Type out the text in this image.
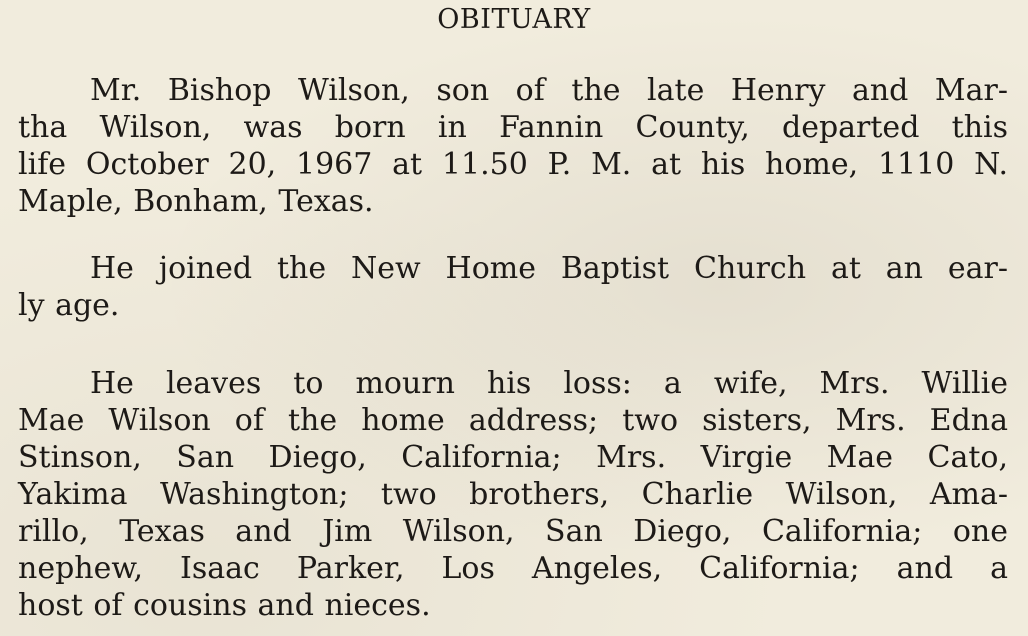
OBITUARY

Mr. Bishop Wilson, son of the late Henry and Mar-
tha Wilson, was born in Fannin County, departed this
life October 20, 1967 at 11.50 P. M. at his home, 1110 N.
Maple, Bonham, Texas.

He joined the New Home Baptist Church at an ear-
ly age.

He leaves to mourn his loss: a wife, Mrs. Willie
Mae Wilson of the home address; two sisters, Mrs. Edna
Stinson, San Diego, California; Mrs. Virgie Mae Cato,
Yakima Washington; two brothers, Charlie Wilson, Ama-
rillo, Texas and Jim Wilson, San Diego, California; one
nephew, Isaac Parker, Los Angeles, California; and a
host of cousins and nieces.
